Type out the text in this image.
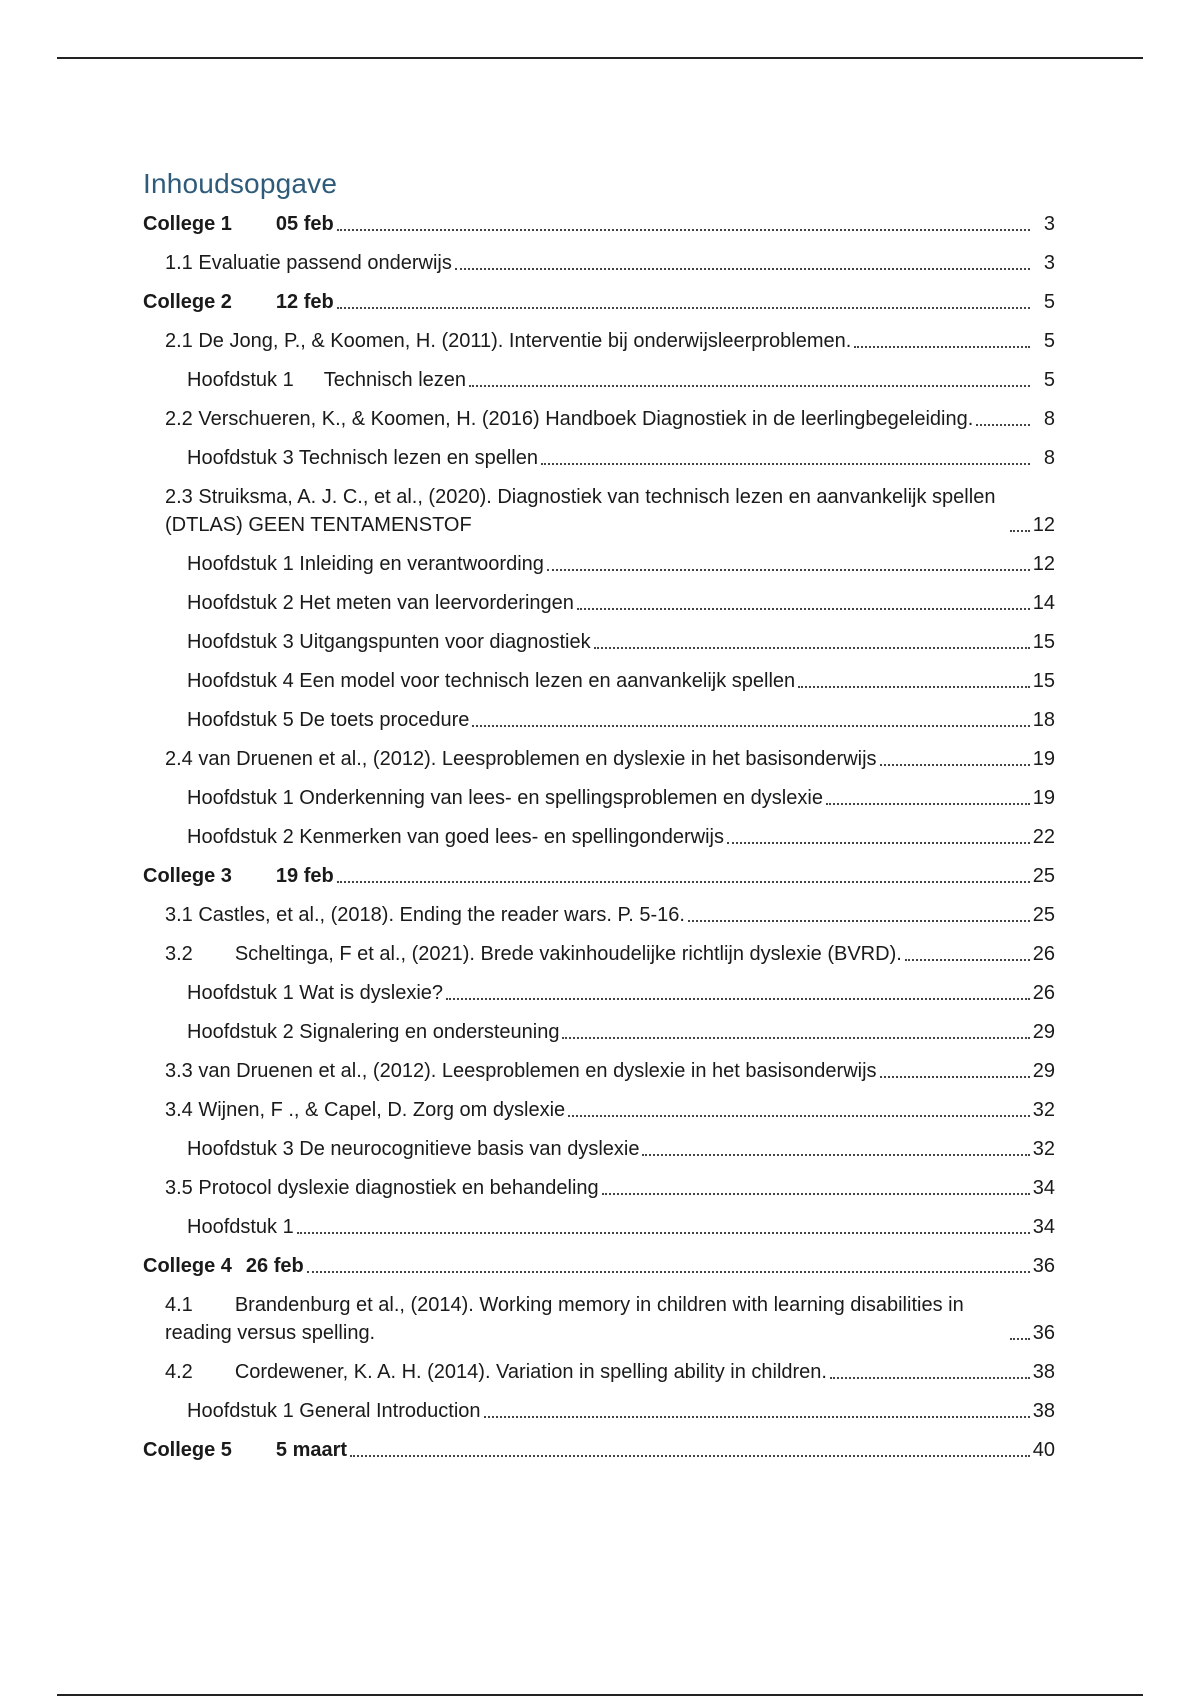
Inhoudsopgave
College 1 05 feb	3
1.1 Evaluatie passend onderwijs	3
College 2 12 feb	5
2.1 De Jong, P., & Koomen, H. (2011). Interventie bij onderwijsleerproblemen.	5
Hoofdstuk 1 Technisch lezen	5
2.2 Verschueren, K., & Koomen, H. (2016) Handboek Diagnostiek in de leerlingbegeleiding.	8
Hoofdstuk 3 Technisch lezen en spellen	8
2.3 Struiksma, A. J. C., et al., (2020). Diagnostiek van technisch lezen en aanvankelijk spellen (DTLAS) GEEN TENTAMENSTOF	12
Hoofdstuk 1 Inleiding en verantwoording	12
Hoofdstuk 2 Het meten van leervorderingen	14
Hoofdstuk 3 Uitgangspunten voor diagnostiek	15
Hoofdstuk 4 Een model voor technisch lezen en aanvankelijk spellen	15
Hoofdstuk 5 De toets procedure	18
2.4 van Druenen et al., (2012). Leesproblemen en dyslexie in het basisonderwijs	19
Hoofdstuk 1 Onderkenning van lees- en spellingsproblemen en dyslexie	19
Hoofdstuk 2 Kenmerken van goed lees- en spellingonderwijs	22
College 3 19 feb	25
3.1 Castles, et al., (2018). Ending the reader wars. P. 5-16.	25
3.2 Scheltinga, F et al., (2021). Brede vakinhoudelijke richtlijn dyslexie (BVRD).	26
Hoofdstuk 1 Wat is dyslexie?	26
Hoofdstuk 2 Signalering en ondersteuning	29
3.3 van Druenen et al., (2012). Leesproblemen en dyslexie in het basisonderwijs	29
3.4 Wijnen, F ., & Capel, D. Zorg om dyslexie	32
Hoofdstuk 3 De neurocognitieve basis van dyslexie	32
3.5 Protocol dyslexie diagnostiek en behandeling	34
Hoofdstuk 1	34
College 4 26 feb	36
4.1 Brandenburg et al., (2014). Working memory in children with learning disabilities in reading versus spelling.	36
4.2 Cordewener, K. A. H. (2014). Variation in spelling ability in children.	38
Hoofdstuk 1 General Introduction	38
College 5 5 maart	40
